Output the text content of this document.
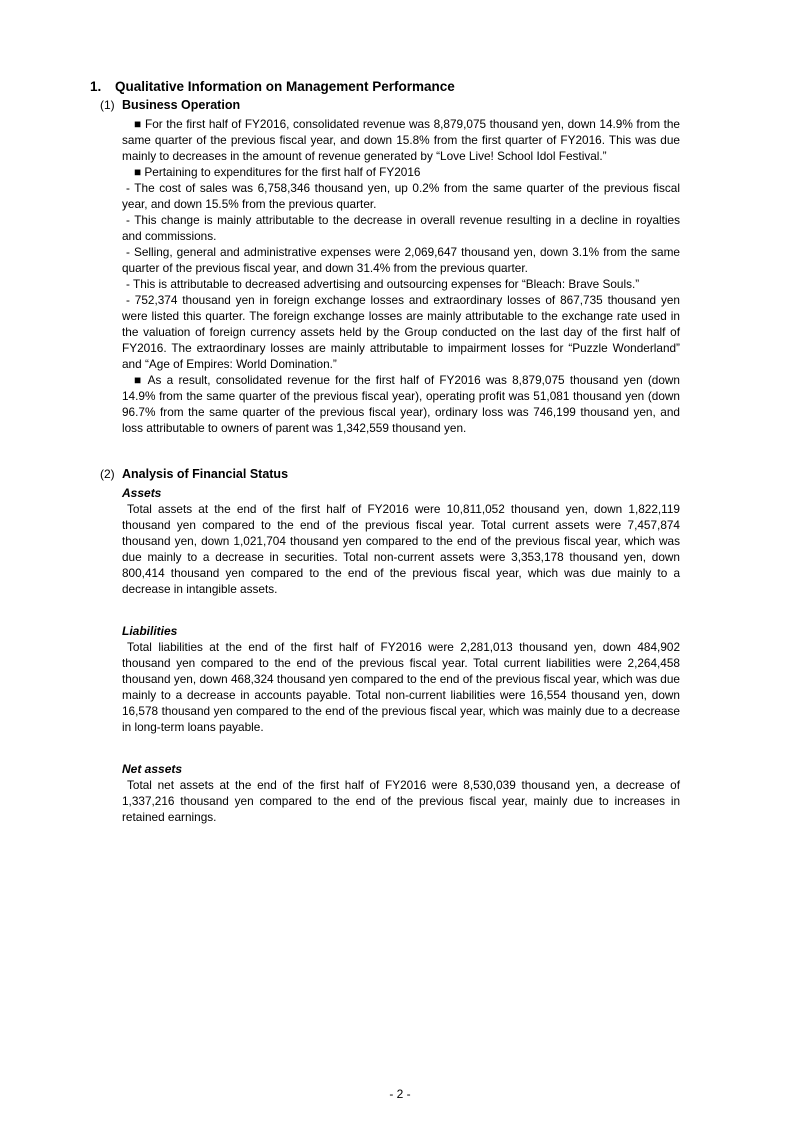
1.	Qualitative Information on Management Performance
(1) Business Operation

■ For the first half of FY2016, consolidated revenue was 8,879,075 thousand yen, down 14.9% from the same quarter of the previous fiscal year, and down 15.8% from the first quarter of FY2016. This was due mainly to decreases in the amount of revenue generated by “Love Live! School Idol Festival.”

■ Pertaining to expenditures for the first half of FY2016

- The cost of sales was 6,758,346 thousand yen, up 0.2% from the same quarter of the previous fiscal year, and down 15.5% from the previous quarter.

- This change is mainly attributable to the decrease in overall revenue resulting in a decline in royalties and commissions.

- Selling, general and administrative expenses were 2,069,647 thousand yen, down 3.1% from the same quarter of the previous fiscal year, and down 31.4% from the previous quarter.

- This is attributable to decreased advertising and outsourcing expenses for “Bleach: Brave Souls.”

- 752,374 thousand yen in foreign exchange losses and extraordinary losses of 867,735 thousand yen were listed this quarter. The foreign exchange losses are mainly attributable to the exchange rate used in the valuation of foreign currency assets held by the Group conducted on the last day of the first half of FY2016. The extraordinary losses are mainly attributable to impairment losses for “Puzzle Wonderland” and “Age of Empires: World Domination.”

■ As a result, consolidated revenue for the first half of FY2016 was 8,879,075 thousand yen (down 14.9% from the same quarter of the previous fiscal year), operating profit was 51,081 thousand yen (down 96.7% from the same quarter of the previous fiscal year), ordinary loss was 746,199 thousand yen, and loss attributable to owners of parent was 1,342,559 thousand yen.

(2) Analysis of Financial Status

Assets

Total assets at the end of the first half of FY2016 were 10,811,052 thousand yen, down 1,822,119 thousand yen compared to the end of the previous fiscal year. Total current assets were 7,457,874 thousand yen, down 1,021,704 thousand yen compared to the end of the previous fiscal year, which was due mainly to a decrease in securities. Total non-current assets were 3,353,178 thousand yen, down 800,414 thousand yen compared to the end of the previous fiscal year, which was due mainly to a decrease in intangible assets.

Liabilities

Total liabilities at the end of the first half of FY2016 were 2,281,013 thousand yen, down 484,902 thousand yen compared to the end of the previous fiscal year. Total current liabilities were 2,264,458 thousand yen, down 468,324 thousand yen compared to the end of the previous fiscal year, which was due mainly to a decrease in accounts payable. Total non-current liabilities were 16,554 thousand yen, down 16,578 thousand yen compared to the end of the previous fiscal year, which was mainly due to a decrease in long-term loans payable.

Net assets

Total net assets at the end of the first half of FY2016 were 8,530,039 thousand yen, a decrease of 1,337,216 thousand yen compared to the end of the previous fiscal year, mainly due to increases in retained earnings.

- 2 -
